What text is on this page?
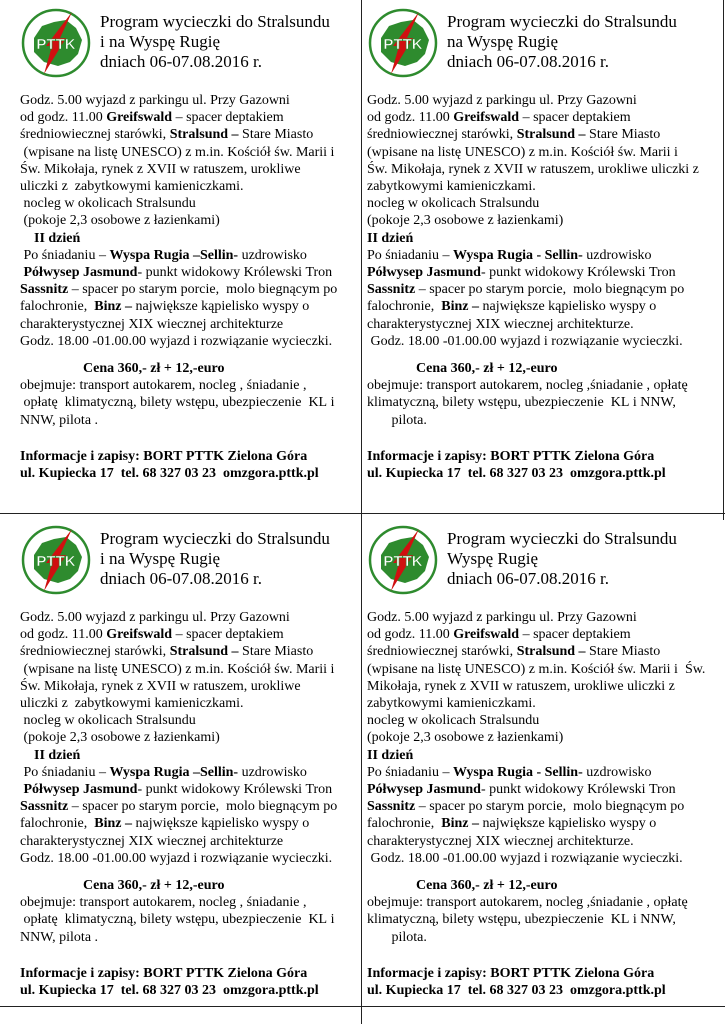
PTTK
Program wycieczki do Stralsundu
i na Wyspę Rugię
dniach 06-07.08.2016 r.

Godz. 5.00 wyjazd z parkingu ul. Przy Gazowni

od godz. 11.00 Greifswald – spacer deptakiem

średniowiecznej starówki, Stralsund – Stare Miasto

(wpisane na listę UNESCO) z m.in. Kościół św. Marii i

Św. Mikołaja, rynek z XVII w ratuszem, urokliwe

uliczki z  zabytkowymi kamieniczkami.

nocleg w okolicach Stralsundu

(pokoje 2,3 osobowe z łazienkami)

II dzień

Po śniadaniu – Wyspa Rugia –Sellin- uzdrowisko

Półwysep Jasmund- punkt widokowy Królewski Tron

Sassnitz – spacer po starym porcie,  molo biegnącym po

falochronie,  Binz – największe kąpielisko wyspy o

charakterystycznej XIX wiecznej architekturze

Godz. 18.00 -01.00.00 wyjazd i rozwiązanie wycieczki.

Cena 360,- zł + 12,-euro

obejmuje: transport autokarem, nocleg , śniadanie ,

opłatę  klimatyczną, bilety wstępu, ubezpieczenie  KL i

NNW, pilota .

Informacje i zapisy: BORT PTTK Zielona Góra

ul. Kupiecka 17  tel. 68 327 03 23  omzgora.pttk.pl

PTTK
Program wycieczki do Stralsundu
na Wyspę Rugię
dniach 06-07.08.2016 r.

Godz. 5.00 wyjazd z parkingu ul. Przy Gazowni

od godz. 11.00 Greifswald – spacer deptakiem

średniowiecznej starówki, Stralsund – Stare Miasto

(wpisane na listę UNESCO) z m.in. Kościół św. Marii i

Św. Mikołaja, rynek z XVII w ratuszem, urokliwe uliczki z

zabytkowymi kamieniczkami.

nocleg w okolicach Stralsundu

(pokoje 2,3 osobowe z łazienkami)

II dzień

Po śniadaniu – Wyspa Rugia - Sellin- uzdrowisko

Półwysep Jasmund- punkt widokowy Królewski Tron

Sassnitz – spacer po starym porcie,  molo biegnącym po

falochronie,  Binz – największe kąpielisko wyspy o

charakterystycznej XIX wiecznej architekturze.

Godz. 18.00 -01.00.00 wyjazd i rozwiązanie wycieczki.

Cena 360,- zł + 12,-euro

obejmuje: transport autokarem, nocleg ,śniadanie , opłatę

klimatyczną, bilety wstępu, ubezpieczenie  KL i NNW,

pilota.

Informacje i zapisy: BORT PTTK Zielona Góra

ul. Kupiecka 17  tel. 68 327 03 23  omzgora.pttk.pl

PTTK
Program wycieczki do Stralsundu
i na Wyspę Rugię
dniach 06-07.08.2016 r.

Godz. 5.00 wyjazd z parkingu ul. Przy Gazowni

od godz. 11.00 Greifswald – spacer deptakiem

średniowiecznej starówki, Stralsund – Stare Miasto

(wpisane na listę UNESCO) z m.in. Kościół św. Marii i

Św. Mikołaja, rynek z XVII w ratuszem, urokliwe

uliczki z  zabytkowymi kamieniczkami.

nocleg w okolicach Stralsundu

(pokoje 2,3 osobowe z łazienkami)

II dzień

Po śniadaniu – Wyspa Rugia –Sellin- uzdrowisko

Półwysep Jasmund- punkt widokowy Królewski Tron

Sassnitz – spacer po starym porcie,  molo biegnącym po

falochronie,  Binz – największe kąpielisko wyspy o

charakterystycznej XIX wiecznej architekturze

Godz. 18.00 -01.00.00 wyjazd i rozwiązanie wycieczki.

Cena 360,- zł + 12,-euro

obejmuje: transport autokarem, nocleg , śniadanie ,

opłatę  klimatyczną, bilety wstępu, ubezpieczenie  KL i

NNW, pilota .

Informacje i zapisy: BORT PTTK Zielona Góra

ul. Kupiecka 17  tel. 68 327 03 23  omzgora.pttk.pl

PTTK
Program wycieczki do Stralsundu
Wyspę Rugię
dniach 06-07.08.2016 r.

Godz. 5.00 wyjazd z parkingu ul. Przy Gazowni

od godz. 11.00 Greifswald – spacer deptakiem

średniowiecznej starówki, Stralsund – Stare Miasto

(wpisane na listę UNESCO) z m.in. Kościół św. Marii i  Św.

Mikołaja, rynek z XVII w ratuszem, urokliwe uliczki z

zabytkowymi kamieniczkami.

nocleg w okolicach Stralsundu

(pokoje 2,3 osobowe z łazienkami)

II dzień

Po śniadaniu – Wyspa Rugia - Sellin- uzdrowisko

Półwysep Jasmund- punkt widokowy Królewski Tron

Sassnitz – spacer po starym porcie,  molo biegnącym po

falochronie,  Binz – największe kąpielisko wyspy o

charakterystycznej XIX wiecznej architekturze.

Godz. 18.00 -01.00.00 wyjazd i rozwiązanie wycieczki.

Cena 360,- zł + 12,-euro

obejmuje: transport autokarem, nocleg ,śniadanie , opłatę

klimatyczną, bilety wstępu, ubezpieczenie  KL i NNW,

pilota.

Informacje i zapisy: BORT PTTK Zielona Góra

ul. Kupiecka 17  tel. 68 327 03 23  omzgora.pttk.pl
